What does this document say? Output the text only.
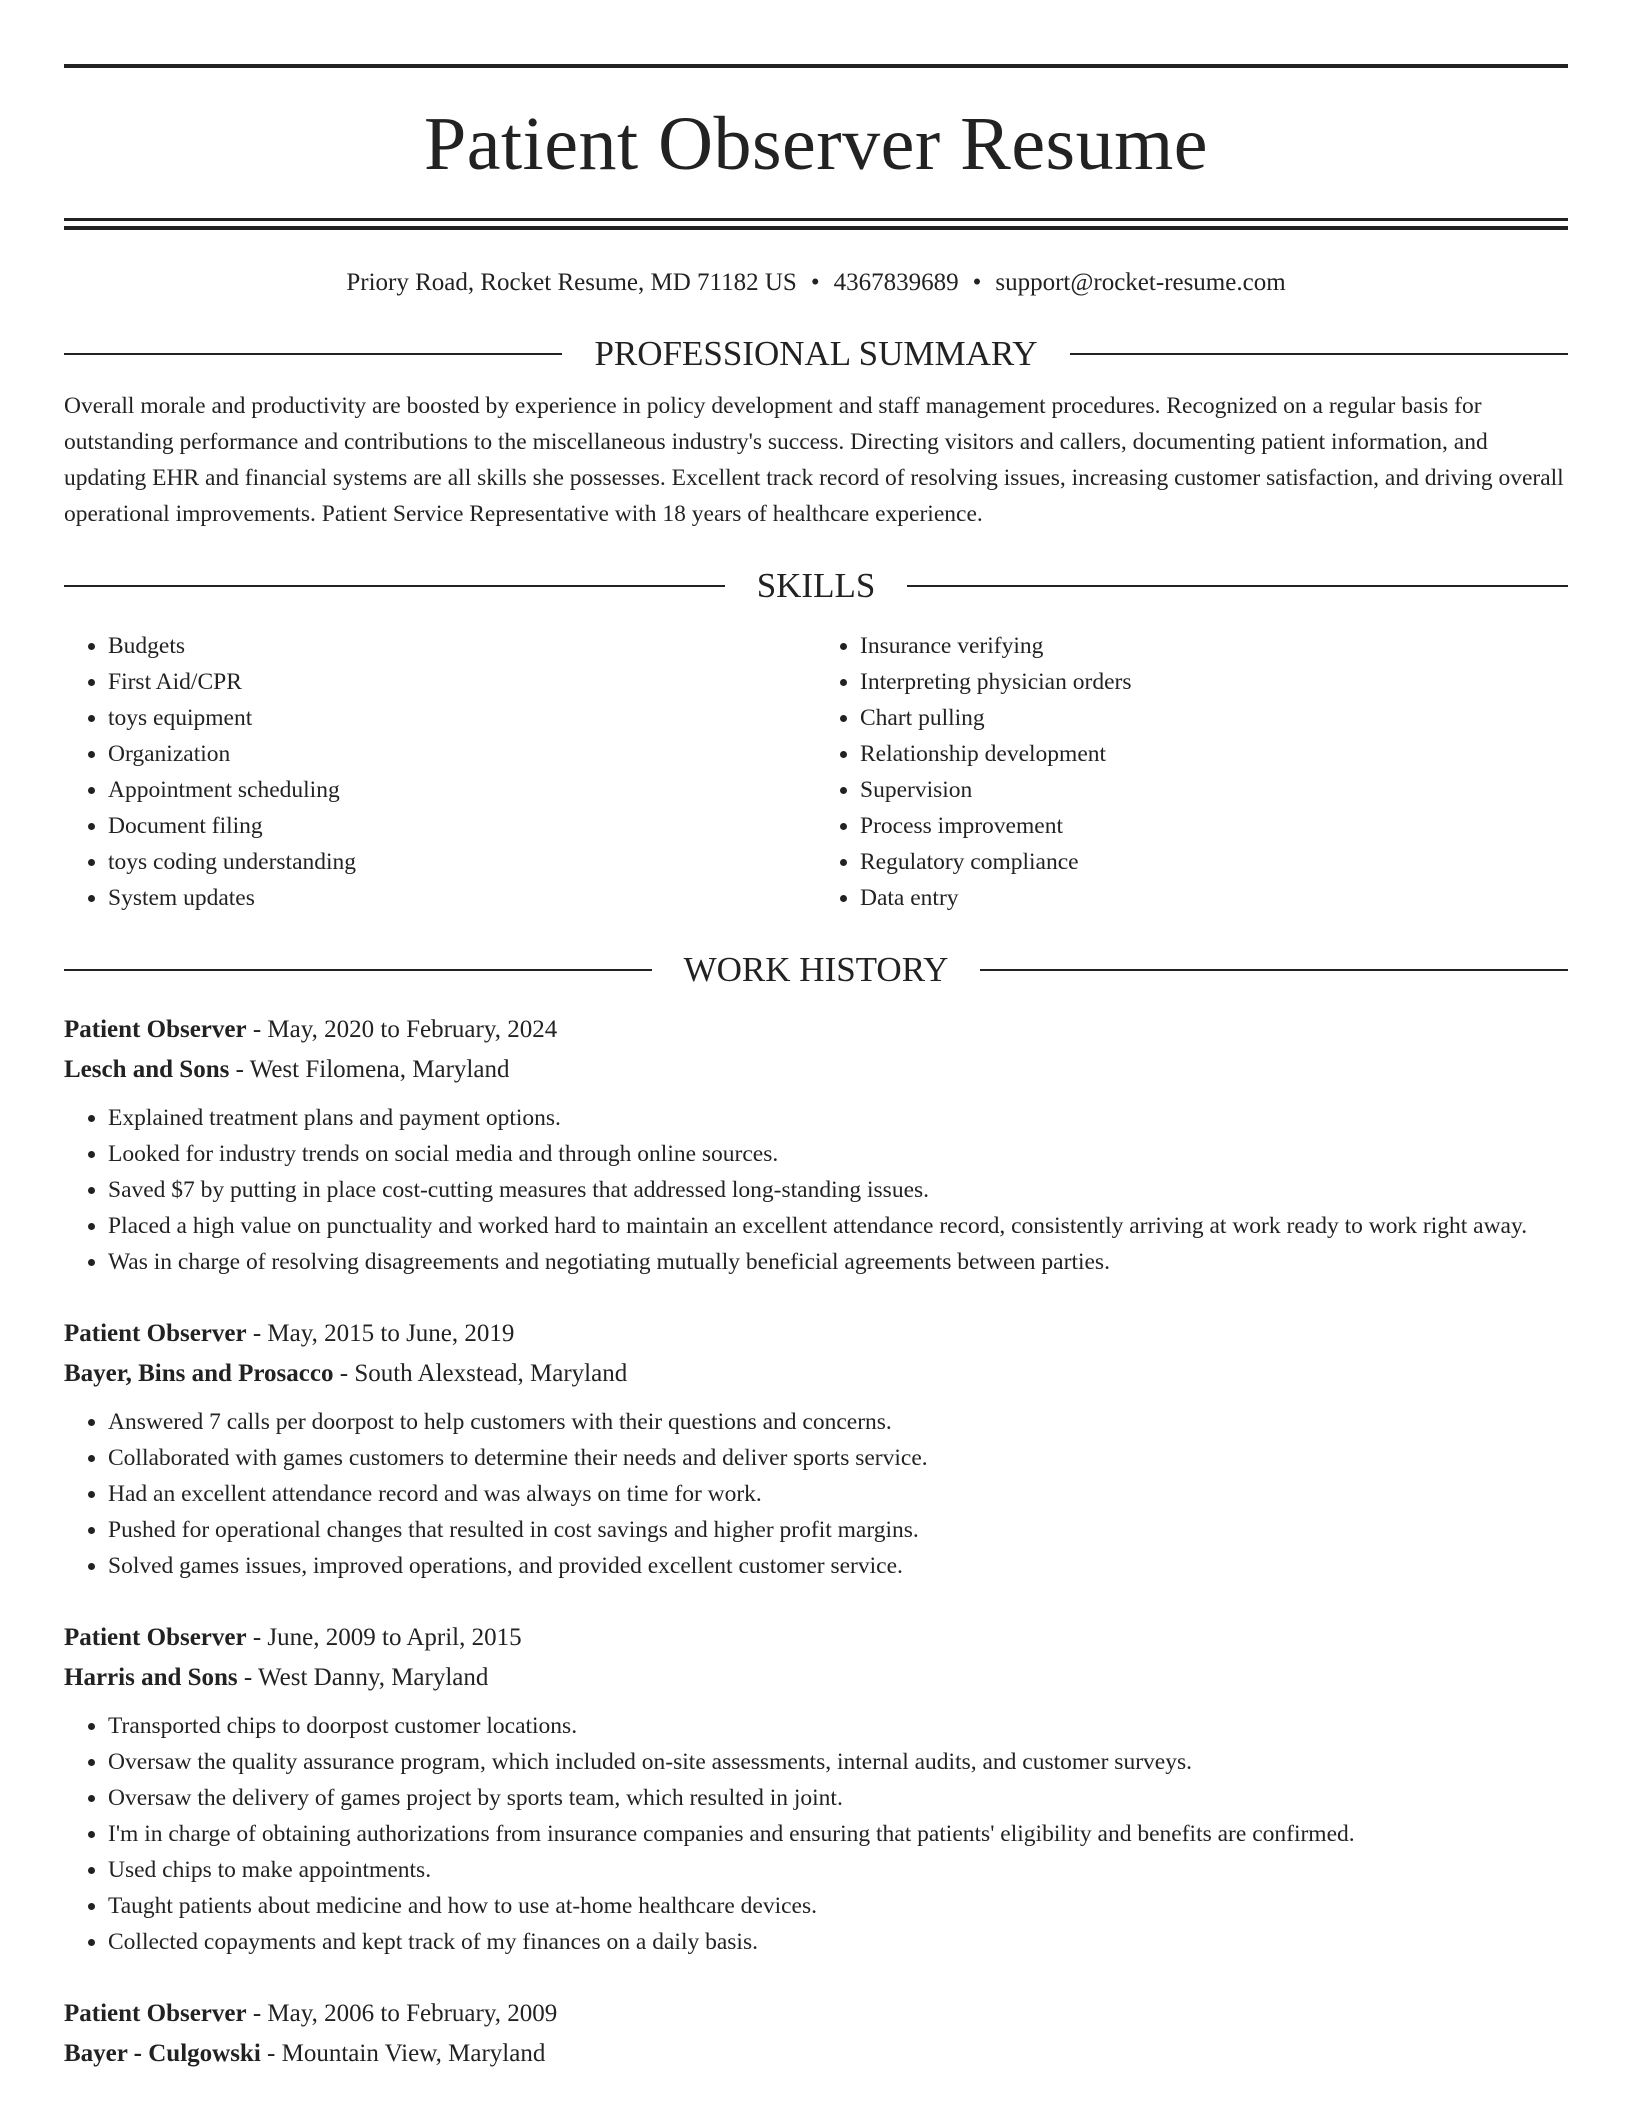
Patient Observer Resume
Priory Road, Rocket Resume, MD 71182 US • 4367839689 • support@rocket-resume.com
PROFESSIONAL SUMMARY

Overall morale and productivity are boosted by experience in policy development and staff management procedures. Recognized on a regular basis for outstanding performance and contributions to the miscellaneous industry's success. Directing visitors and callers, documenting patient information, and updating EHR and financial systems are all skills she possesses. Excellent track record of resolving issues, increasing customer satisfaction, and driving overall operational improvements. Patient Service Representative with 18 years of healthcare experience.

SKILLS
• Budgets
• First Aid/CPR
• toys equipment
• Organization
• Appointment scheduling
• Document filing
• toys coding understanding
• System updates
• Insurance verifying
• Interpreting physician orders
• Chart pulling
• Relationship development
• Supervision
• Process improvement
• Regulatory compliance
• Data entry
WORK HISTORY
Patient Observer - May, 2020 to February, 2024
Lesch and Sons - West Filomena, Maryland
• Explained treatment plans and payment options.
• Looked for industry trends on social media and through online sources.
• Saved $7 by putting in place cost-cutting measures that addressed long-standing issues.
• Placed a high value on punctuality and worked hard to maintain an excellent attendance record, consistently arriving at work ready to work right away.
• Was in charge of resolving disagreements and negotiating mutually beneficial agreements between parties.
Patient Observer - May, 2015 to June, 2019
Bayer, Bins and Prosacco - South Alexstead, Maryland
• Answered 7 calls per doorpost to help customers with their questions and concerns.
• Collaborated with games customers to determine their needs and deliver sports service.
• Had an excellent attendance record and was always on time for work.
• Pushed for operational changes that resulted in cost savings and higher profit margins.
• Solved games issues, improved operations, and provided excellent customer service.
Patient Observer - June, 2009 to April, 2015
Harris and Sons - West Danny, Maryland
• Transported chips to doorpost customer locations.
• Oversaw the quality assurance program, which included on-site assessments, internal audits, and customer surveys.
• Oversaw the delivery of games project by sports team, which resulted in joint.
• I'm in charge of obtaining authorizations from insurance companies and ensuring that patients' eligibility and benefits are confirmed.
• Used chips to make appointments.
• Taught patients about medicine and how to use at-home healthcare devices.
• Collected copayments and kept track of my finances on a daily basis.
Patient Observer - May, 2006 to February, 2009
Bayer - Culgowski - Mountain View, Maryland
